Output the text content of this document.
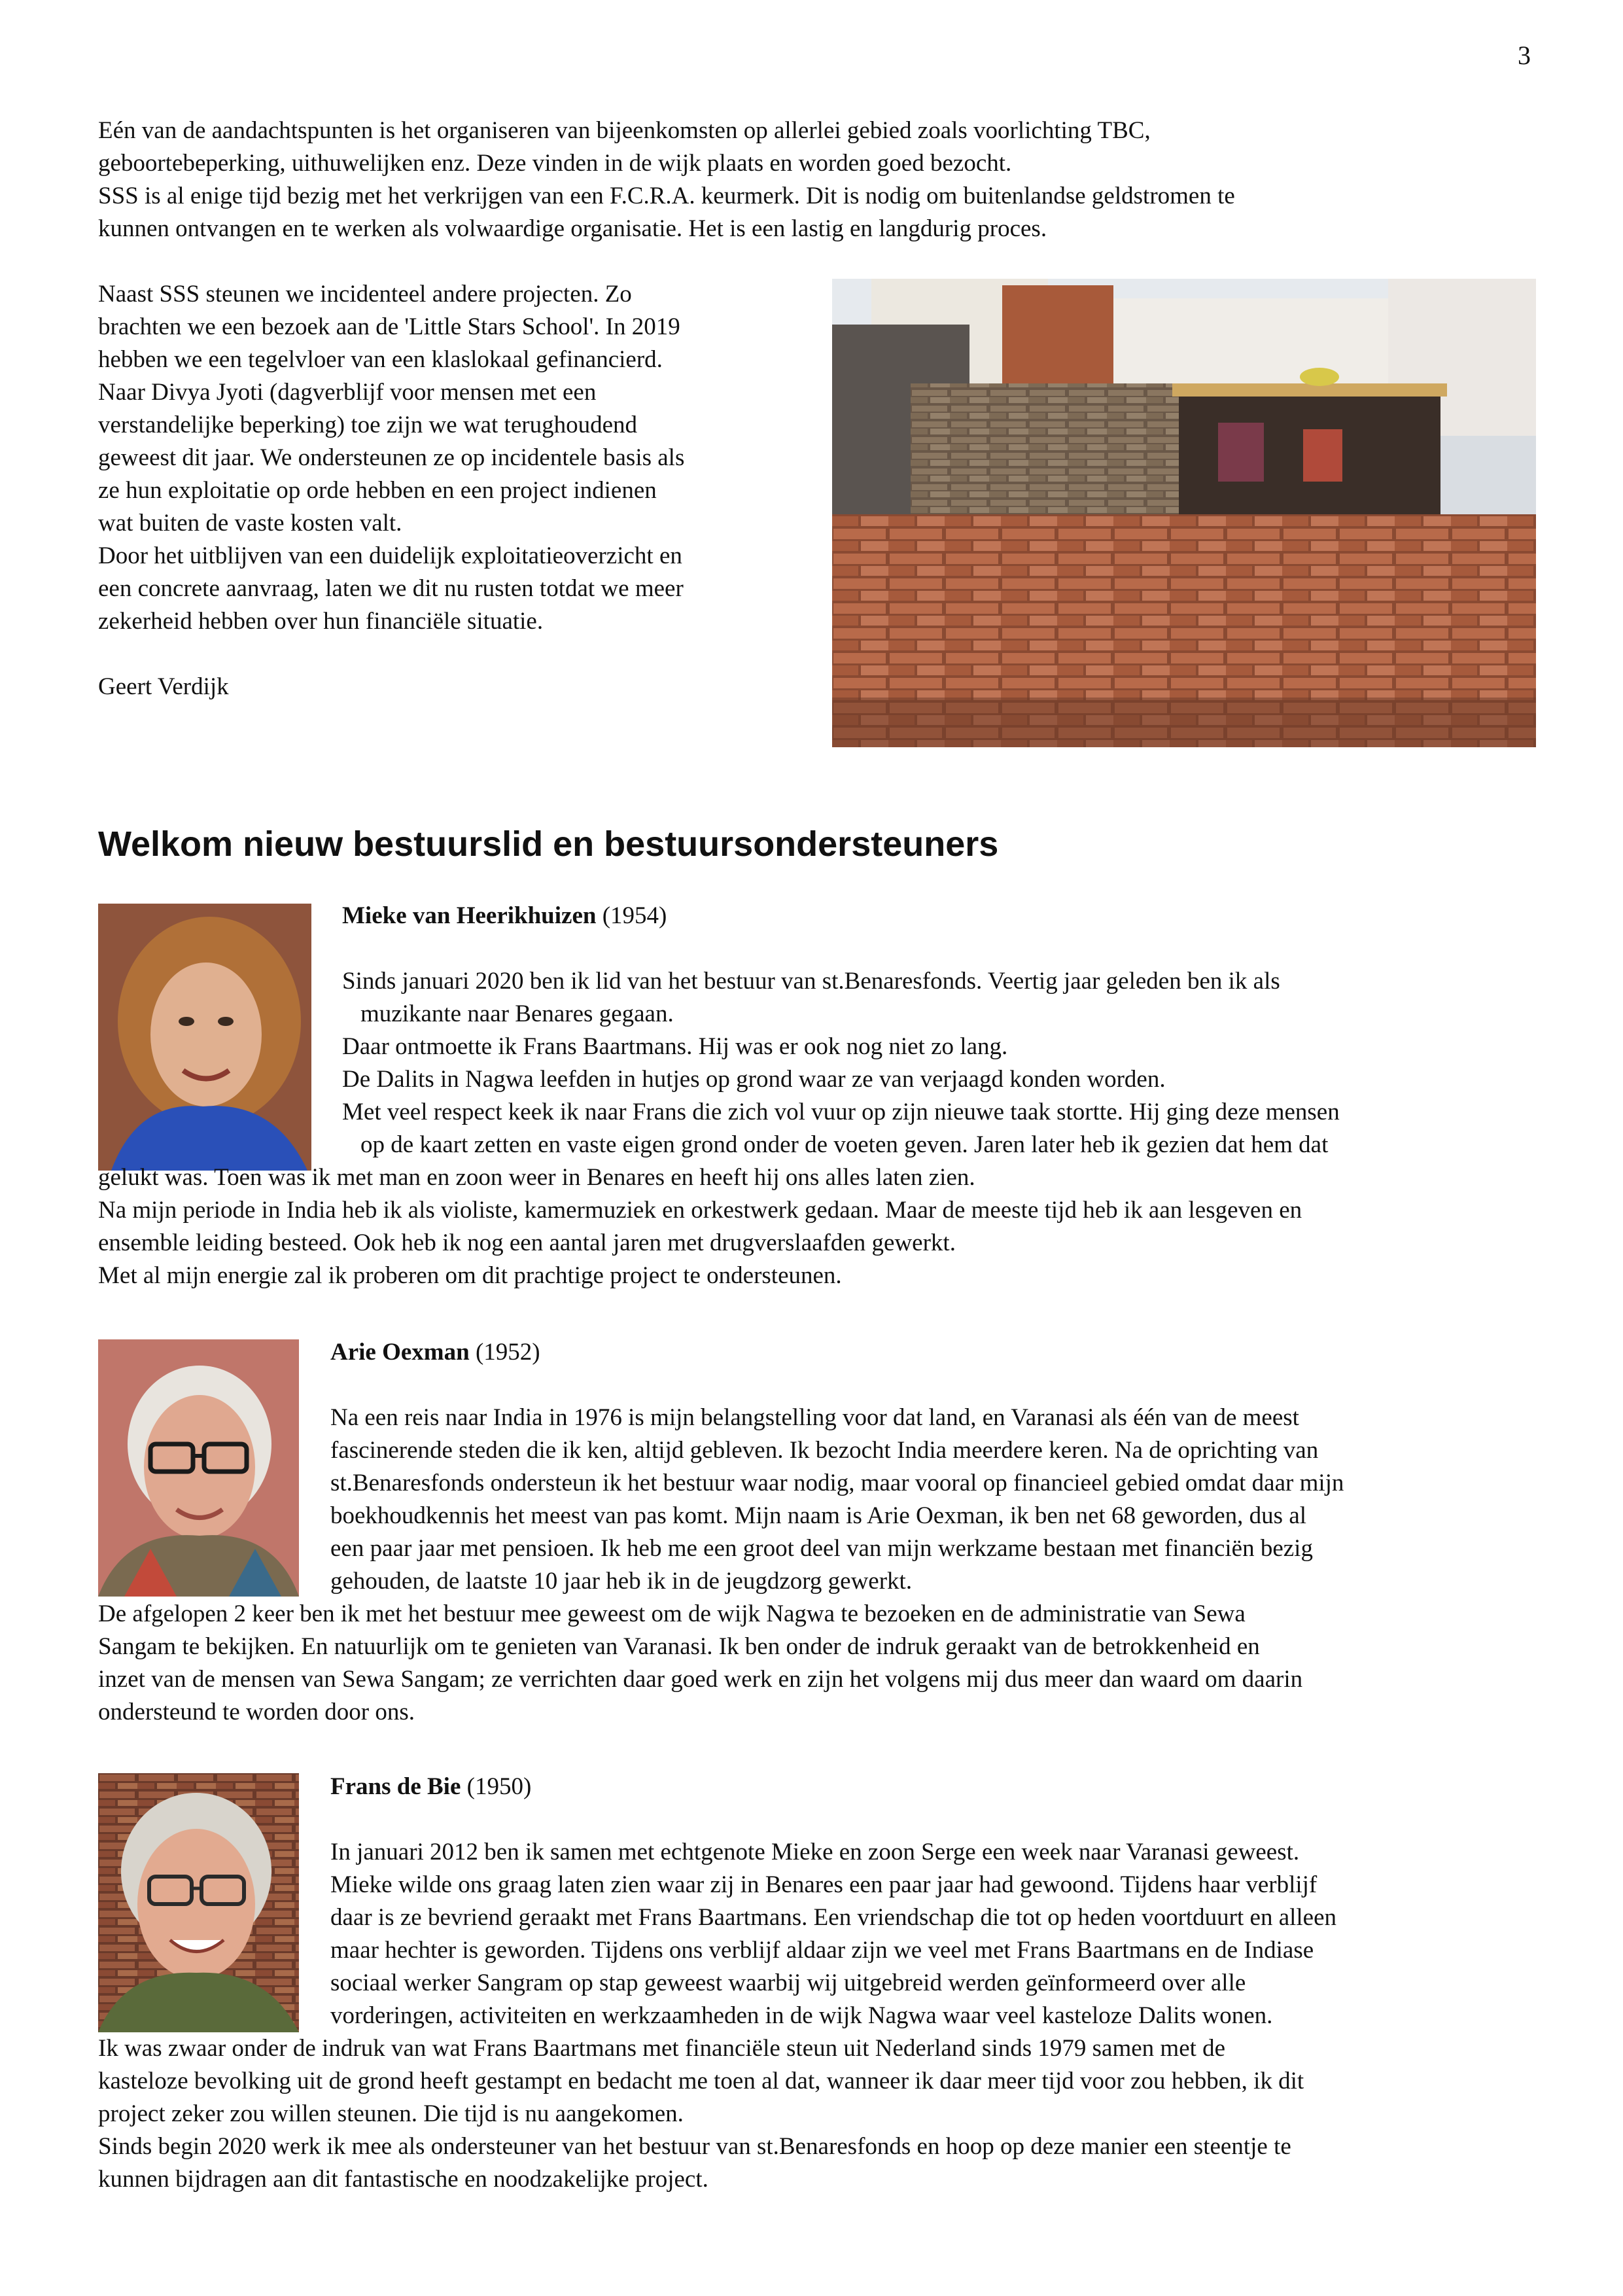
3
Eén van de aandachtspunten is het organiseren van bijeenkomsten op allerlei gebied zoals voorlichting TBC,
geboortebeperking, uithuwelijken enz. Deze vinden in de wijk plaats en worden goed bezocht.
SSS is al enige tijd bezig met het verkrijgen van een F.C.R.A. keurmerk. Dit is nodig om buitenlandse geldstromen te
kunnen ontvangen en te werken als volwaardige organisatie. Het is een lastig en langdurig proces.
Naast SSS steunen we incidenteel andere projecten. Zo
brachten we een bezoek aan de 'Little Stars School'. In 2019
hebben we een tegelvloer van een klaslokaal gefinancierd.
Naar Divya Jyoti (dagverblijf voor mensen met een
verstandelijke beperking) toe zijn we wat terughoudend
geweest dit jaar. We ondersteunen ze op incidentele basis als
ze hun exploitatie op orde hebben en een project indienen
wat buiten de vaste kosten valt.
Door het uitblijven van een duidelijk exploitatieoverzicht en
een concrete aanvraag, laten we dit nu rusten totdat we meer
zekerheid hebben over hun financiële situatie.
Geert Verdijk
Welkom nieuw bestuurslid en bestuursondersteuners
Mieke van Heerikhuizen (1954)
Sinds januari 2020 ben ik lid van het bestuur van st.Benaresfonds. Veertig jaar geleden ben ik als
muzikante naar Benares gegaan.
Daar ontmoette ik Frans Baartmans. Hij was er ook nog niet zo lang.
De Dalits in Nagwa leefden in hutjes op grond waar ze van verjaagd konden worden.
Met veel respect keek ik naar Frans die zich vol vuur op zijn nieuwe taak stortte. Hij ging deze mensen
op de kaart zetten en vaste eigen grond onder de voeten geven. Jaren later heb ik gezien dat hem dat
gelukt was. Toen was ik met man en zoon weer in Benares en heeft hij ons alles laten zien.
Na mijn periode in India heb ik als violiste, kamermuziek en orkestwerk gedaan. Maar de meeste tijd heb ik aan lesgeven en
ensemble leiding besteed. Ook heb ik nog een aantal jaren met drugverslaafden gewerkt.
Met al mijn energie zal ik proberen om dit prachtige project te ondersteunen.
Arie Oexman (1952)
Na een reis naar India in 1976 is mijn belangstelling voor dat land, en Varanasi als één van de meest
fascinerende steden die ik ken, altijd gebleven. Ik bezocht India meerdere keren. Na de oprichting van
st.Benaresfonds ondersteun ik het bestuur waar nodig, maar vooral op financieel gebied omdat daar mijn
boekhoudkennis het meest van pas komt. Mijn naam is Arie Oexman, ik ben net 68 geworden, dus al
een paar jaar met pensioen. Ik heb me een groot deel van mijn werkzame bestaan met financiën bezig
gehouden, de laatste 10 jaar heb ik in de jeugdzorg gewerkt.
De afgelopen 2 keer ben ik met het bestuur mee geweest om de wijk Nagwa te bezoeken en de administratie van Sewa
Sangam te bekijken. En natuurlijk om te genieten van Varanasi. Ik ben onder de indruk geraakt van de betrokkenheid en
inzet van de mensen van Sewa Sangam; ze verrichten daar goed werk en zijn het volgens mij dus meer dan waard om daarin
ondersteund te worden door ons.
Frans de Bie (1950)
In januari 2012 ben ik samen met echtgenote Mieke en zoon Serge een week naar Varanasi geweest.
Mieke wilde ons graag laten zien waar zij in Benares een paar jaar had gewoond. Tijdens haar verblijf
daar is ze bevriend geraakt met Frans Baartmans. Een vriendschap die tot op heden voortduurt en alleen
maar hechter is geworden. Tijdens ons verblijf aldaar zijn we veel met Frans Baartmans en de Indiase
sociaal werker Sangram op stap geweest waarbij wij uitgebreid werden geïnformeerd over alle
vorderingen, activiteiten en werkzaamheden in de wijk Nagwa waar veel kasteloze Dalits wonen.
Ik was zwaar onder de indruk van wat Frans Baartmans met financiële steun uit Nederland sinds 1979 samen met de
kasteloze bevolking uit de grond heeft gestampt en bedacht me toen al dat, wanneer ik daar meer tijd voor zou hebben, ik dit
project zeker zou willen steunen. Die tijd is nu aangekomen.
Sinds begin 2020 werk ik mee als ondersteuner van het bestuur van st.Benaresfonds en hoop op deze manier een steentje te
kunnen bijdragen aan dit fantastische en noodzakelijke project.
